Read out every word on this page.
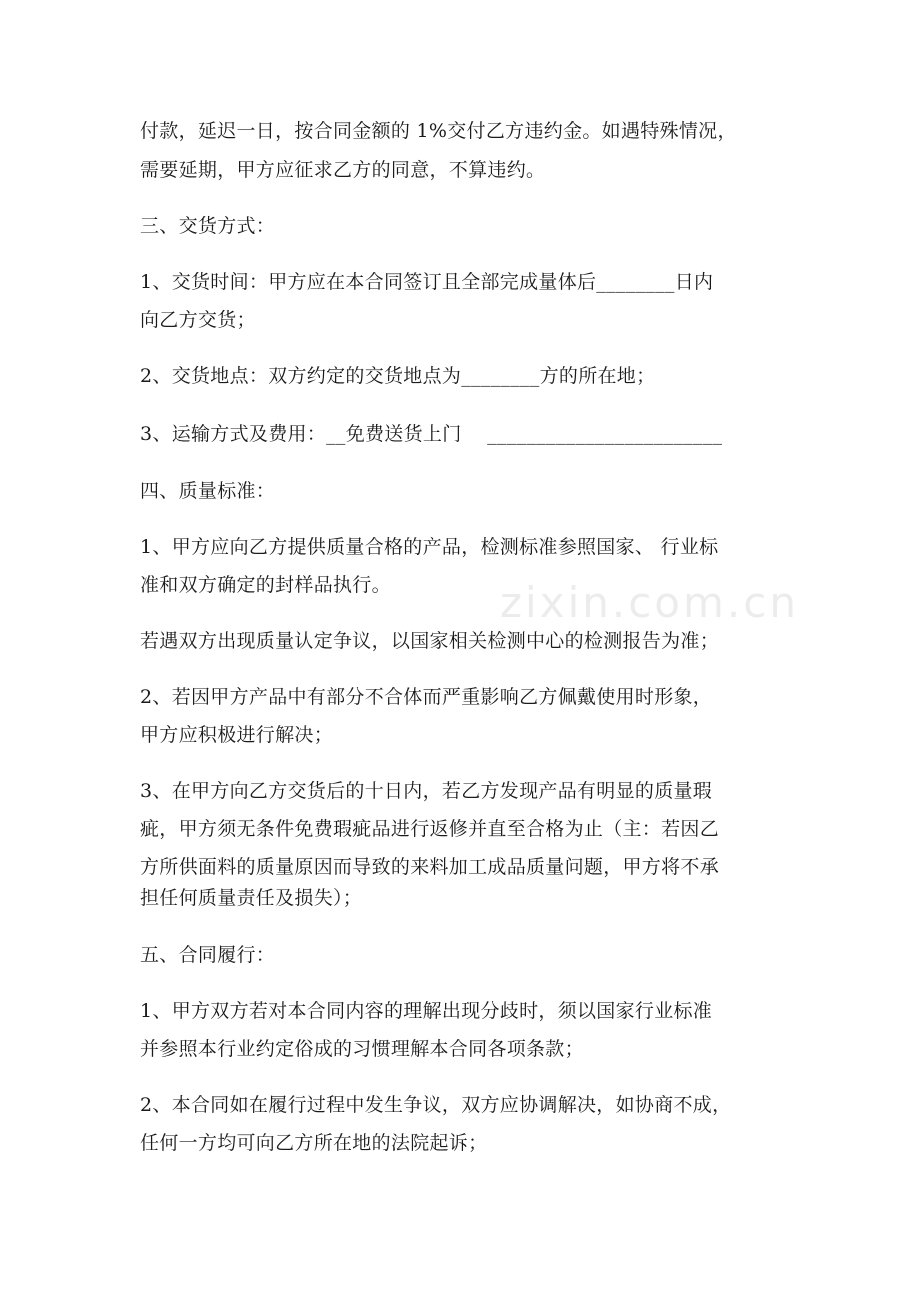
付款，延迟一日，按合同金额的 1%交付乙方违约金。如遇特殊情况，
需要延期，甲方应征求乙方的同意，不算违约。
三、交货方式：
1、交货时间：甲方应在本合同签订且全部完成量体后________日内
向乙方交货；
2、交货地点：双方约定的交货地点为________方的所在地；
3、运输方式及费用：__免费送货上门　 ________________________
四、质量标准：
1、甲方应向乙方提供质量合格的产品，检测标准参照国家、 行业标
准和双方确定的封样品执行。
若遇双方出现质量认定争议，以国家相关检测中心的检测报告为准；
2、若因甲方产品中有部分不合体而严重影响乙方佩戴使用时形象，
甲方应积极进行解决；
3、在甲方向乙方交货后的十日内，若乙方发现产品有明显的质量瑕
疵，甲方须无条件免费瑕疵品进行返修并直至合格为止（主：若因乙
方所供面料的质量原因而导致的来料加工成品质量问题，甲方将不承
担任何质量责任及损失）；
五、合同履行：
1、甲方双方若对本合同内容的理解出现分歧时，须以国家行业标准
并参照本行业约定俗成的习惯理解本合同各项条款；
2、本合同如在履行过程中发生争议，双方应协调解决，如协商不成，
任何一方均可向乙方所在地的法院起诉；
zixin.com.cn
